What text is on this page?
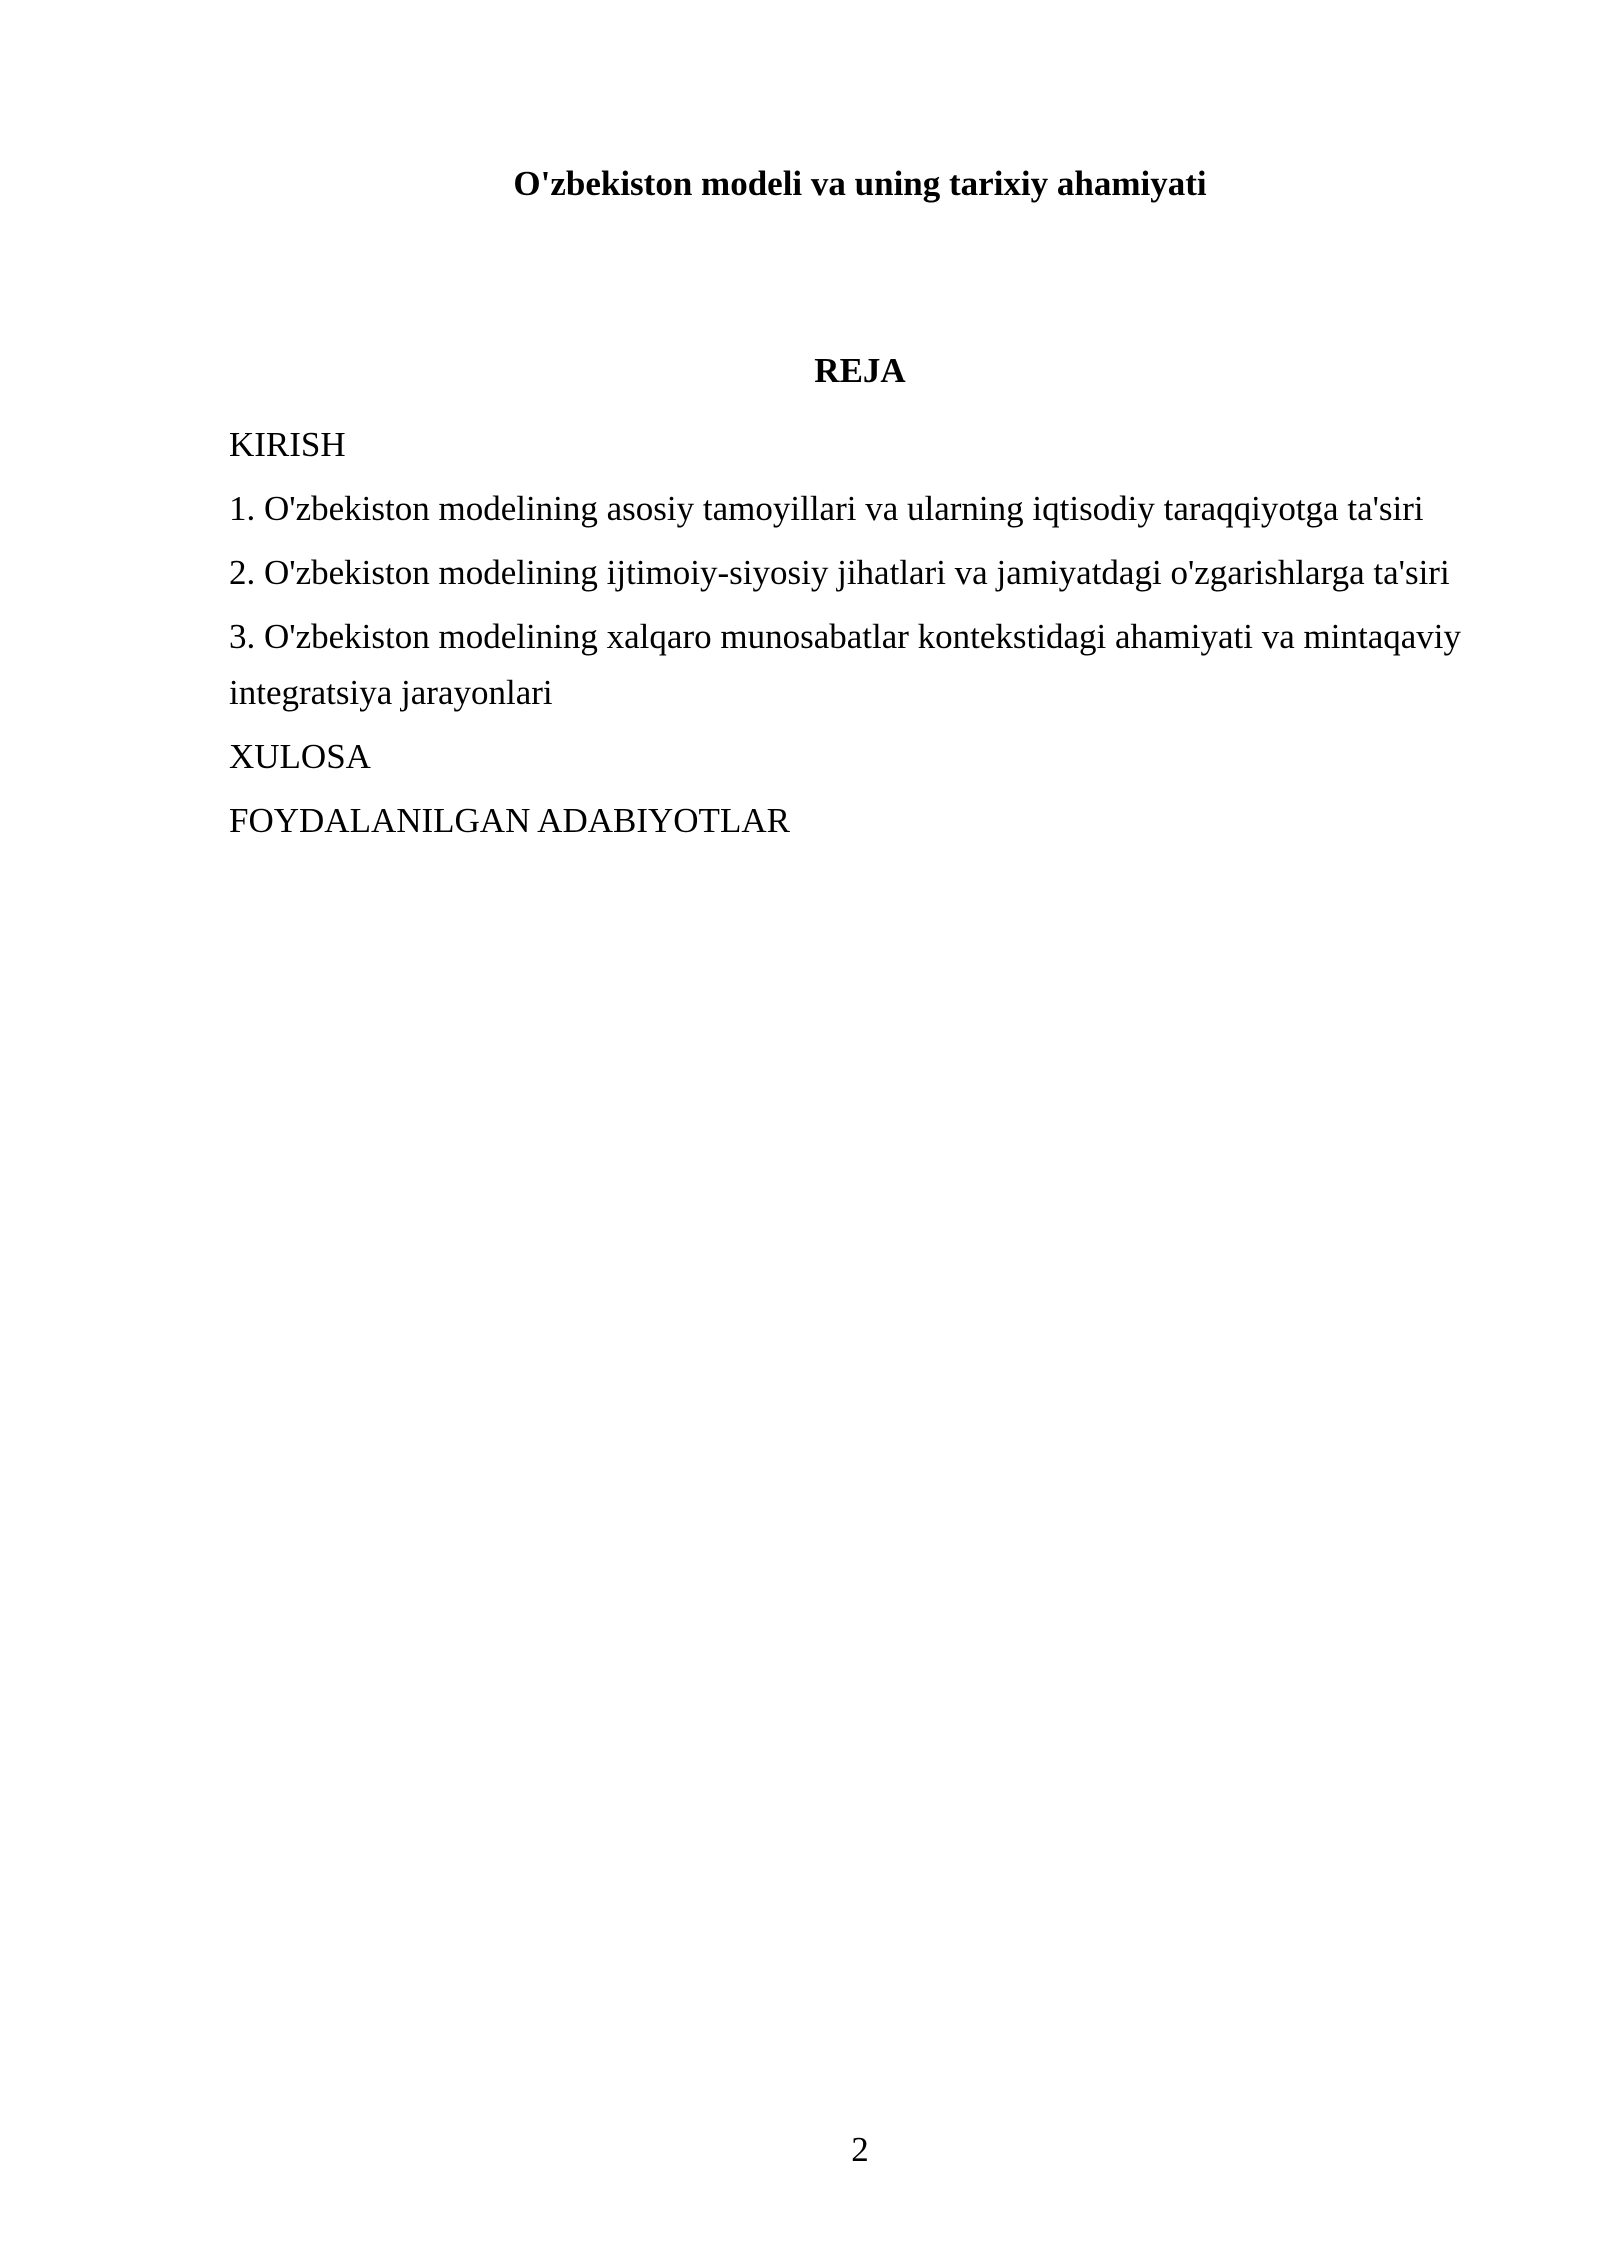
O'zbekiston modeli va uning tarixiy ahamiyati
REJA
KIRISH
1. O'zbekiston modelining asosiy tamoyillari va ularning iqtisodiy taraqqiyotga ta'siri
2. O'zbekiston modelining ijtimoiy-siyosiy jihatlari va jamiyatdagi o'zgarishlarga ta'siri
3. O'zbekiston modelining xalqaro munosabatlar kontekstidagi ahamiyati va mintaqaviy integratsiya jarayonlari
XULOSA
FOYDALANILGAN ADABIYOTLAR
2
